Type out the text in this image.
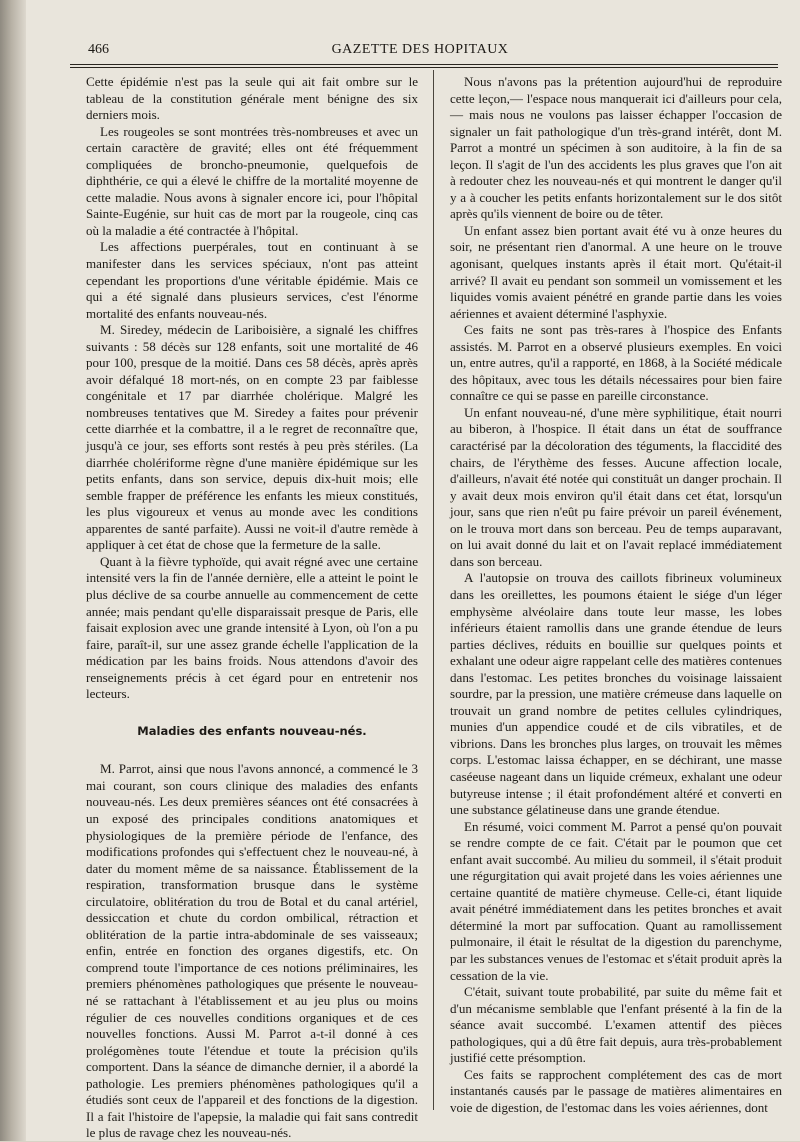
466	GAZETTE DES HOPITAUX

Cette épidémie n'est pas la seule qui ait fait ombre sur le tableau de la constitution générale ment bénigne des six derniers mois.

Les rougeoles se sont montrées très-nombreuses et avec un certain caractère de gravité; elles ont été fréquemment compliquées de broncho-pneumonie, quelquefois de diphthérie, ce qui a élevé le chiffre de la mortalité moyenne de cette maladie. Nous avons à signaler encore ici, pour l'hôpital Sainte-Eugénie, sur huit cas de mort par la rougeole, cinq cas où la maladie a été contractée à l'hôpital.

Les affections puerpérales, tout en continuant à se manifester dans les services spéciaux, n'ont pas atteint cependant les proportions d'une véritable épidémie. Mais ce qui a été signalé dans plusieurs services, c'est l'énorme mortalité des enfants nouveau-nés.

M. Siredey, médecin de Lariboisière, a signalé les chiffres suivants : 58 décès sur 128 enfants, soit une mortalité de 46 pour 100, presque de la moitié. Dans ces 58 décès, après après avoir défalqué 18 mort-nés, on en compte 23 par faiblesse congénitale et 17 par diarrhée cholérique. Malgré les nombreuses tentatives que M. Siredey a faites pour prévenir cette diarrhée et la combattre, il a le regret de reconnaître que, jusqu'à ce jour, ses efforts sont restés à peu près stériles. (La diarrhée cholériforme règne d'une manière épidémique sur les petits enfants, dans son service, depuis dix-huit mois; elle semble frapper de préférence les enfants les mieux constitués, les plus vigoureux et venus au monde avec les conditions apparentes de santé parfaite). Aussi ne voit-il d'autre remède à appliquer à cet état de chose que la fermeture de la salle.

Quant à la fièvre typhoïde, qui avait régné avec une certaine intensité vers la fin de l'année dernière, elle a atteint le point le plus déclive de sa courbe annuelle au commencement de cette année; mais pendant qu'elle disparaissait presque de Paris, elle faisait explosion avec une grande intensité à Lyon, où l'on a pu faire, paraît-il, sur une assez grande échelle l'application de la médication par les bains froids. Nous attendons d'avoir des renseignements précis à cet égard pour en entretenir nos lecteurs.

Maladies des enfants nouveau-nés.

M. Parrot, ainsi que nous l'avons annoncé, a commencé le 3 mai courant, son cours clinique des maladies des enfants nouveau-nés. Les deux premières séances ont été consacrées à un exposé des principales conditions anatomiques et physiologiques de la première période de l'enfance, des modifications profondes qui s'effectuent chez le nouveau-né, à dater du moment même de sa naissance. Établissement de la respiration, transformation brusque dans le système circulatoire, oblitération du trou de Botal et du canal artériel, dessiccation et chute du cordon ombilical, rétraction et oblitération de la partie intra-abdominale de ses vaisseaux; enfin, entrée en fonction des organes digestifs, etc. On comprend toute l'importance de ces notions préliminaires, les premiers phénomènes pathologiques que présente le nouveau-né se rattachant à l'établissement et au jeu plus ou moins régulier de ces nouvelles conditions organiques et de ces nouvelles fonctions. Aussi M. Parrot a-t-il donné à ces prolégomènes toute l'étendue et toute la précision qu'ils comportent. Dans la séance de dimanche dernier, il a abordé la pathologie. Les premiers phénomènes pathologiques qu'il a étudiés sont ceux de l'appareil et des fonctions de la digestion. Il a fait l'histoire de l'apepsie, la maladie qui fait sans contredit le plus de ravage chez les nouveau-nés.

Nous n'avons pas la prétention aujourd'hui de reproduire cette leçon,— l'espace nous manquerait ici d'ailleurs pour cela, — mais nous ne voulons pas laisser échapper l'occasion de signaler un fait pathologique d'un très-grand intérêt, dont M. Parrot a montré un spécimen à son auditoire, à la fin de sa leçon. Il s'agit de l'un des accidents les plus graves que l'on ait à redouter chez les nouveau-nés et qui montrent le danger qu'il y a à coucher les petits enfants horizontalement sur le dos sitôt après qu'ils viennent de boire ou de têter.

Un enfant assez bien portant avait été vu à onze heures du soir, ne présentant rien d'anormal. A une heure on le trouve agonisant, quelques instants après il était mort. Qu'était-il arrivé? Il avait eu pendant son sommeil un vomissement et les liquides vomis avaient pénétré en grande partie dans les voies aériennes et avaient déterminé l'asphyxie.

Ces faits ne sont pas très-rares à l'hospice des Enfants assistés. M. Parrot en a observé plusieurs exemples. En voici un, entre autres, qu'il a rapporté, en 1868, à la Société médicale des hôpitaux, avec tous les détails nécessaires pour bien faire connaître ce qui se passe en pareille circonstance.

Un enfant nouveau-né, d'une mère syphilitique, était nourri au biberon, à l'hospice. Il était dans un état de souffrance caractérisé par la décoloration des téguments, la flaccidité des chairs, de l'érythème des fesses. Aucune affection locale, d'ailleurs, n'avait été notée qui constituât un danger prochain. Il y avait deux mois environ qu'il était dans cet état, lorsqu'un jour, sans que rien n'eût pu faire prévoir un pareil événement, on le trouva mort dans son berceau. Peu de temps auparavant, on lui avait donné du lait et on l'avait replacé immédiatement dans son berceau.

A l'autopsie on trouva des caillots fibrineux volumineux dans les oreillettes, les poumons étaient le siége d'un léger emphysème alvéolaire dans toute leur masse, les lobes inférieurs étaient ramollis dans une grande étendue de leurs parties déclives, réduits en bouillie sur quelques points et exhalant une odeur aigre rappelant celle des matières contenues dans l'estomac. Les petites bronches du voisinage laissaient sourdre, par la pression, une matière crémeuse dans laquelle on trouvait un grand nombre de petites cellules cylindriques, munies d'un appendice coudé et de cils vibratiles, et de vibrions. Dans les bronches plus larges, on trouvait les mêmes corps. L'estomac laissa échapper, en se déchirant, une masse caséeuse nageant dans un liquide crémeux, exhalant une odeur butyreuse intense ; il était profondément altéré et converti en une substance gélatineuse dans une grande étendue.

En résumé, voici comment M. Parrot a pensé qu'on pouvait se rendre compte de ce fait. C'était par le poumon que cet enfant avait succombé. Au milieu du sommeil, il s'était produit une régurgitation qui avait projeté dans les voies aériennes une certaine quantité de matière chymeuse. Celle-ci, étant liquide avait pénétré immédiatement dans les petites bronches et avait déterminé la mort par suffocation. Quant au ramollissement pulmonaire, il était le résultat de la digestion du parenchyme, par les substances venues de l'estomac et s'était produit après la cessation de la vie.

C'était, suivant toute probabilité, par suite du même fait et d'un mécanisme semblable que l'enfant présenté à la fin de la séance avait succombé. L'examen attentif des pièces pathologiques, qui a dû être fait depuis, aura très-probablement justifié cette présomption.

Ces faits se rapprochent complétement des cas de mort instantanés causés par le passage de matières alimentaires en voie de digestion, de l'estomac dans les voies aériennes, dont
